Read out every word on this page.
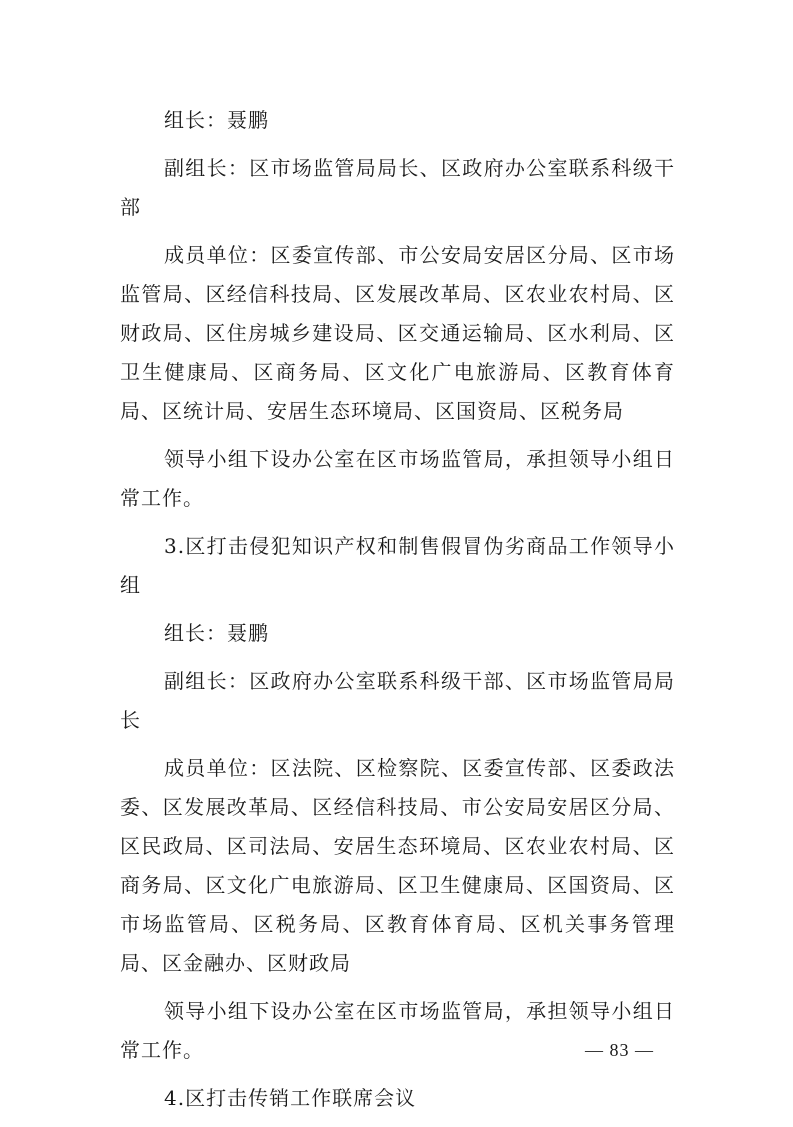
组长：聂鹏

副组长：区市场监管局局长、区政府办公室联系科级干部

成员单位：区委宣传部、市公安局安居区分局、区市场监管局、区经信科技局、区发展改革局、区农业农村局、区财政局、区住房城乡建设局、区交通运输局、区水利局、区卫生健康局、区商务局、区文化广电旅游局、区教育体育局、区统计局、安居生态环境局、区国资局、区税务局

领导小组下设办公室在区市场监管局，承担领导小组日常工作。

3.区打击侵犯知识产权和制售假冒伪劣商品工作领导小组

组长：聂鹏

副组长：区政府办公室联系科级干部、区市场监管局局长

成员单位：区法院、区检察院、区委宣传部、区委政法委、区发展改革局、区经信科技局、市公安局安居区分局、区民政局、区司法局、安居生态环境局、区农业农村局、区商务局、区文化广电旅游局、区卫生健康局、区国资局、区市场监管局、区税务局、区教育体育局、区机关事务管理局、区金融办、区财政局

领导小组下设办公室在区市场监管局，承担领导小组日常工作。

4.区打击传销工作联席会议

— 83 —
